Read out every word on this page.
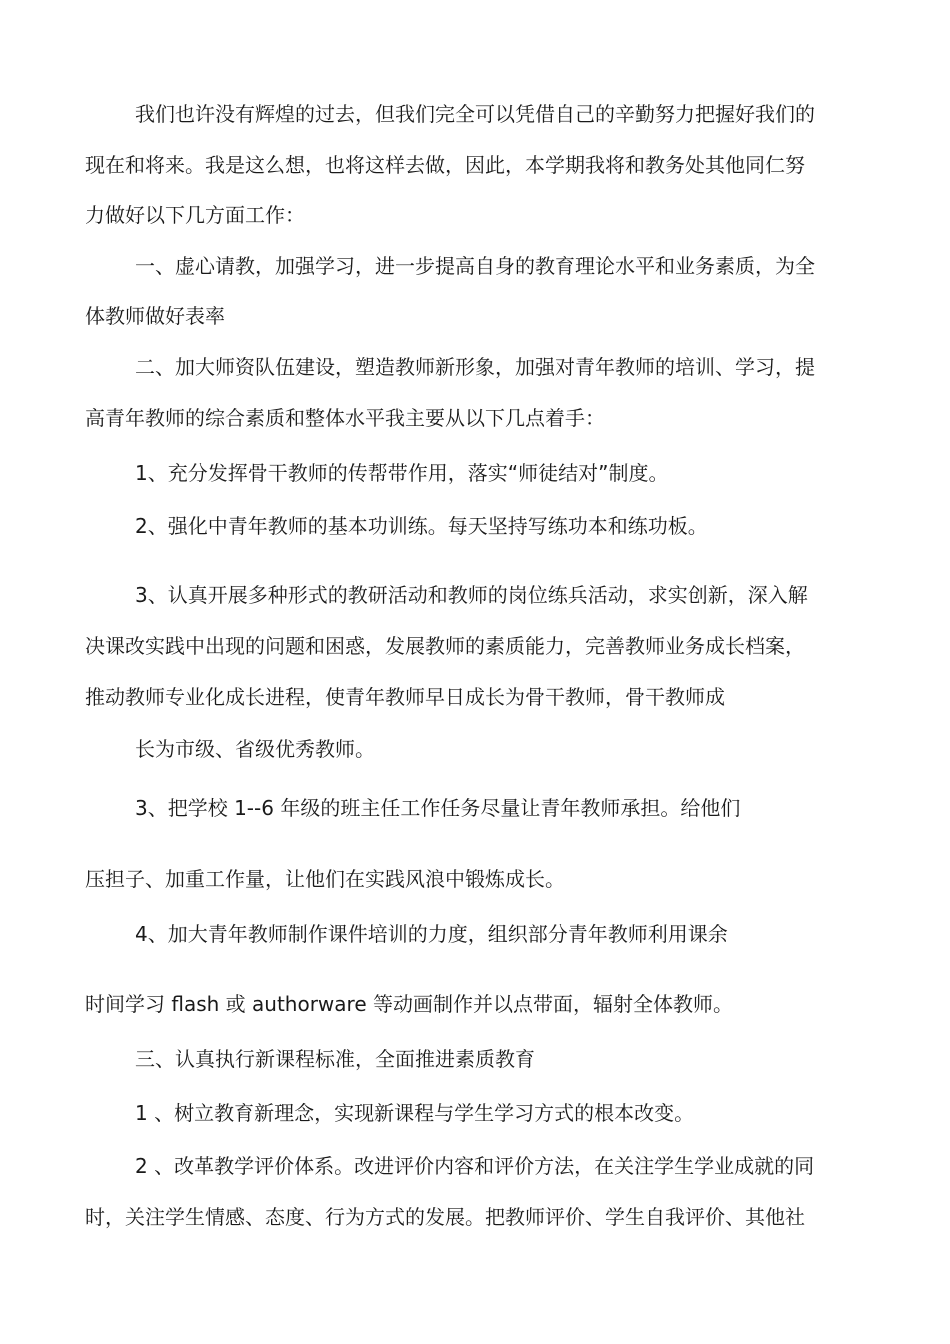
我们也许没有辉煌的过去，但我们完全可以凭借自己的辛勤努力把握好我们的
现在和将来。我是这么想，也将这样去做，因此，本学期我将和教务处其他同仁努
力做好以下几方面工作：
一、虚心请教，加强学习，进一步提高自身的教育理论水平和业务素质，为全
体教师做好表率
二、加大师资队伍建设，塑造教师新形象，加强对青年教师的培训、学习，提
高青年教师的综合素质和整体水平我主要从以下几点着手：
1、充分发挥骨干教师的传帮带作用，落实“师徒结对”制度。
2、强化中青年教师的基本功训练。每天坚持写练功本和练功板。
3、认真开展多种形式的教研活动和教师的岗位练兵活动，求实创新，深入解
决课改实践中出现的问题和困惑，发展教师的素质能力，完善教师业务成长档案，
推动教师专业化成长进程，使青年教师早日成长为骨干教师，骨干教师成
长为市级、省级优秀教师。
3、把学校 1--6 年级的班主任工作任务尽量让青年教师承担。给他们
压担子、加重工作量，让他们在实践风浪中锻炼成长。
4、加大青年教师制作课件培训的力度，组织部分青年教师利用课余
时间学习 flash 或 authorware 等动画制作并以点带面，辐射全体教师。
三、认真执行新课程标准，全面推进素质教育
1 、树立教育新理念，实现新课程与学生学习方式的根本改变。
2 、改革教学评价体系。改进评价内容和评价方法，在关注学生学业成就的同
时，关注学生情感、态度、行为方式的发展。把教师评价、学生自我评价、其他社
